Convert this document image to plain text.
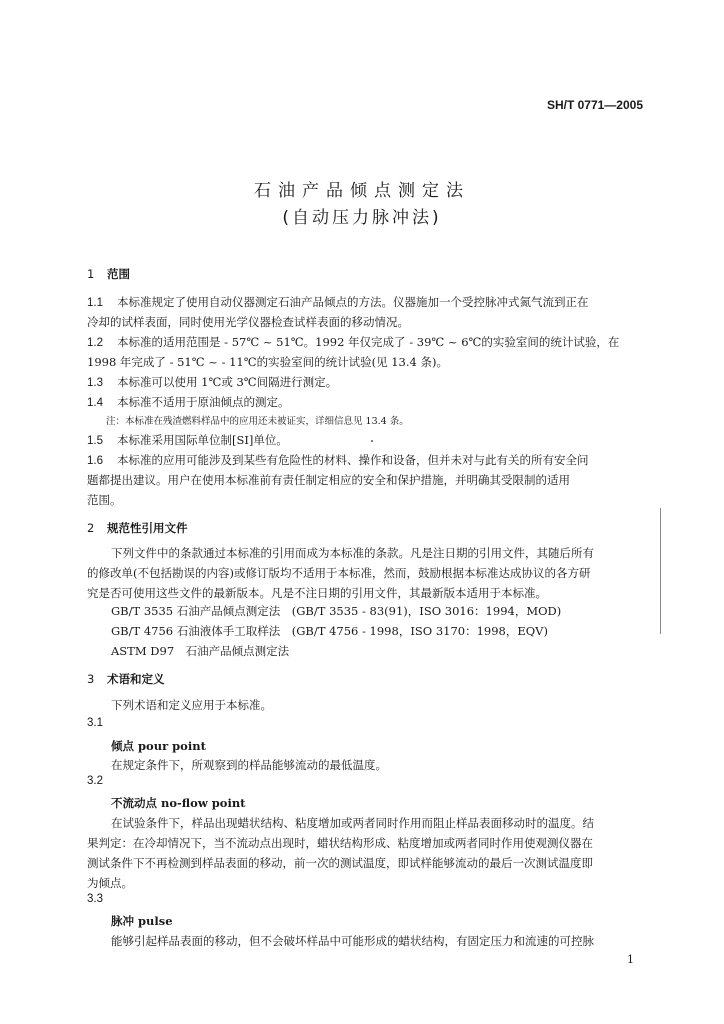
SH/T 0771—2005
石油产品倾点测定法
(自动压力脉冲法)
1 范围
1.1 本标准规定了使用自动仪器测定石油产品倾点的方法。仪器施加一个受控脉冲式氮气流到正在
冷却的试样表面，同时使用光学仪器检查试样表面的移动情况。
1.2 本标准的适用范围是 - 57℃ ~ 51℃。1992 年仅完成了 - 39℃ ~ 6℃的实验室间的统计试验，在
1998 年完成了 - 51℃ ~ - 11℃的实验室间的统计试验(见 13.4 条)。
1.3 本标准可以使用 1℃或 3℃间隔进行测定。
1.4 本标准不适用于原油倾点的测定。
注：本标准在残渣燃料样品中的应用还未被证实，详细信息见 13.4 条。
1.5 本标准采用国际单位制[SI]单位。
1.6 本标准的应用可能涉及到某些有危险性的材料、操作和设备，但并未对与此有关的所有安全问
题都提出建议。用户在使用本标准前有责任制定相应的安全和保护措施，并明确其受限制的适用
范围。
2 规范性引用文件
下列文件中的条款通过本标准的引用而成为本标准的条款。凡是注日期的引用文件，其随后所有
的修改单(不包括勘误的内容)或修订版均不适用于本标准，然而，鼓励根据本标准达成协议的各方研
究是否可使用这些文件的最新版本。凡是不注日期的引用文件，其最新版本适用于本标准。
GB/T 3535 石油产品倾点测定法　(GB/T 3535 - 83(91)，ISO 3016：1994，MOD)
GB/T 4756 石油液体手工取样法　(GB/T 4756 - 1998，ISO 3170：1998，EQV)
ASTM D97　石油产品倾点测定法
3 术语和定义
下列术语和定义应用于本标准。
3.1
倾点 pour point
在规定条件下，所观察到的样品能够流动的最低温度。
3.2
不流动点 no-flow point
在试验条件下，样品出现蜡状结构、粘度增加或两者同时作用而阻止样品表面移动时的温度。结
果判定：在冷却情况下，当不流动点出现时，蜡状结构形成、粘度增加或两者同时作用使观测仪器在
测试条件下不再检测到样品表面的移动，前一次的测试温度，即试样能够流动的最后一次测试温度即
为倾点。
3.3
脉冲 pulse
能够引起样品表面的移动，但不会破坏样品中可能形成的蜡状结构，有固定压力和流速的可控脉
1
